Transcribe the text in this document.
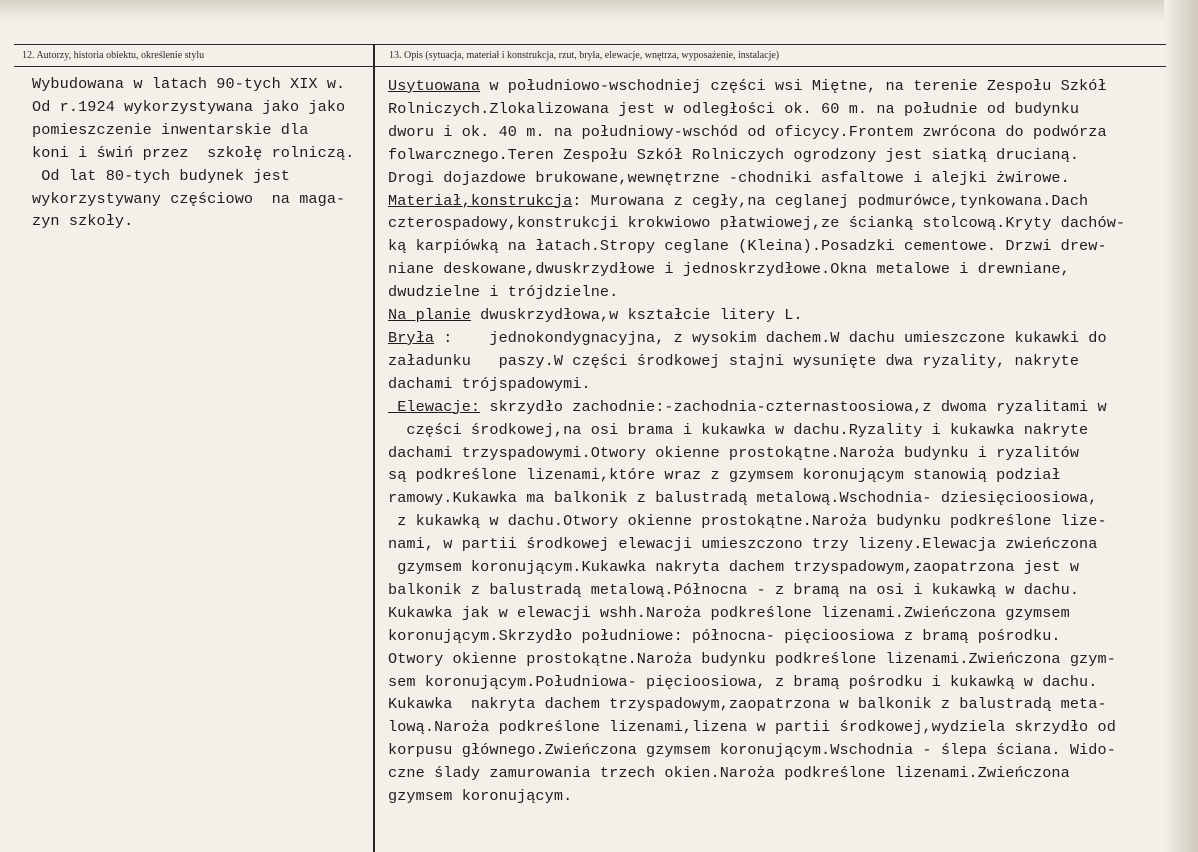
12. Autorzy, historia obiektu, określenie stylu	13. Opis (sytuacja, materiał i konstrukcja, rzut, bryła, elewacje, wnętrza, wyposażenie, instalacje)
Wybudowana w latach 90-tych XIX w.
Od r.1924 wykorzystywana jako jako
pomieszczenie inwentarskie dla
koni i świń przez  szkołę rolniczą.
Od lat 80-tych budynek jest
wykorzystywany częściowo  na maga-
zyn szkoły.
Usytuowana w południowo-wschodniej części wsi Miętne, na terenie Zespołu Szkół
Rolniczych.Zlokalizowana jest w odległości ok. 60 m. na południe od budynku
dworu i ok. 40 m. na południowy-wschód od oficycy.Frontem zwrócona do podwórza
folwarcznego.Teren Zespołu Szkół Rolniczych ogrodzony jest siatką drucianą.
Drogi dojazdowe brukowane,wewnętrzne -chodniki asfaltowe i alejki żwirowe.
Materiał,konstrukcja: Murowana z cegły,na ceglanej podmurówce,tynkowana.Dach
czterospadowy,konstrukcji krokwiowo płatwiowej,ze ścianką stolcową.Kryty dachów-
ką karpiówką na łatach.Stropy ceglane (Kleina).Posadzki cementowe. Drzwi drew-
niane deskowane,dwuskrzydłowe i jednoskrzydłowe.Okna metalowe i drewniane,
dwudzielne i trójdzielne.
Na planie dwuskrzydłowa,w kształcie litery L.
Bryła :    jednokondygnacyjna, z wysokim dachem.W dachu umieszczone kukawki do
załadunku   paszy.W części środkowej stajni wysunięte dwa ryzality, nakryte
dachami trójspadowymi.
Elewacje: skrzydło zachodnie:-zachodnia-czternastoosiowa,z dwoma ryzalitami w
części środkowej,na osi brama i kukawka w dachu.Ryzality i kukawka nakryte
dachami trzyspadowymi.Otwory okienne prostokątne.Naroża budynku i ryzalitów
są podkreślone lizenami,które wraz z gzymsem koronującym stanowią podział
ramowy.Kukawka ma balkonik z balustradą metalową.Wschodnia- dziesięcioosiowa,
z kukawką w dachu.Otwory okienne prostokątne.Naroża budynku podkreślone lize-
nami, w partii środkowej elewacji umieszczono trzy lizeny.Elewacja zwieńczona
gzymsem koronującym.Kukawka nakryta dachem trzyspadowym,zaopatrzona jest w
balkonik z balustradą metalową.Północna - z bramą na osi i kukawką w dachu.
Kukawka jak w elewacji wshh.Naroża podkreślone lizenami.Zwieńczona gzymsem
koronującym.Skrzydło południowe: północna- pięcioosiowa z bramą pośrodku.
Otwory okienne prostokątne.Naroża budynku podkreślone lizenami.Zwieńczona gzym-
sem koronującym.Południowa- pięcioosiowa, z bramą pośrodku i kukawką w dachu.
Kukawka  nakryta dachem trzyspadowym,zaopatrzona w balkonik z balustradą meta-
lową.Naroża podkreślone lizenami,lizena w partii środkowej,wydziela skrzydło od
korpusu głównego.Zwieńczona gzymsem koronującym.Wschodnia - ślepa ściana. Wido-
czne ślady zamurowania trzech okien.Naroża podkreślone lizenami.Zwieńczona
gzymsem koronującym.
